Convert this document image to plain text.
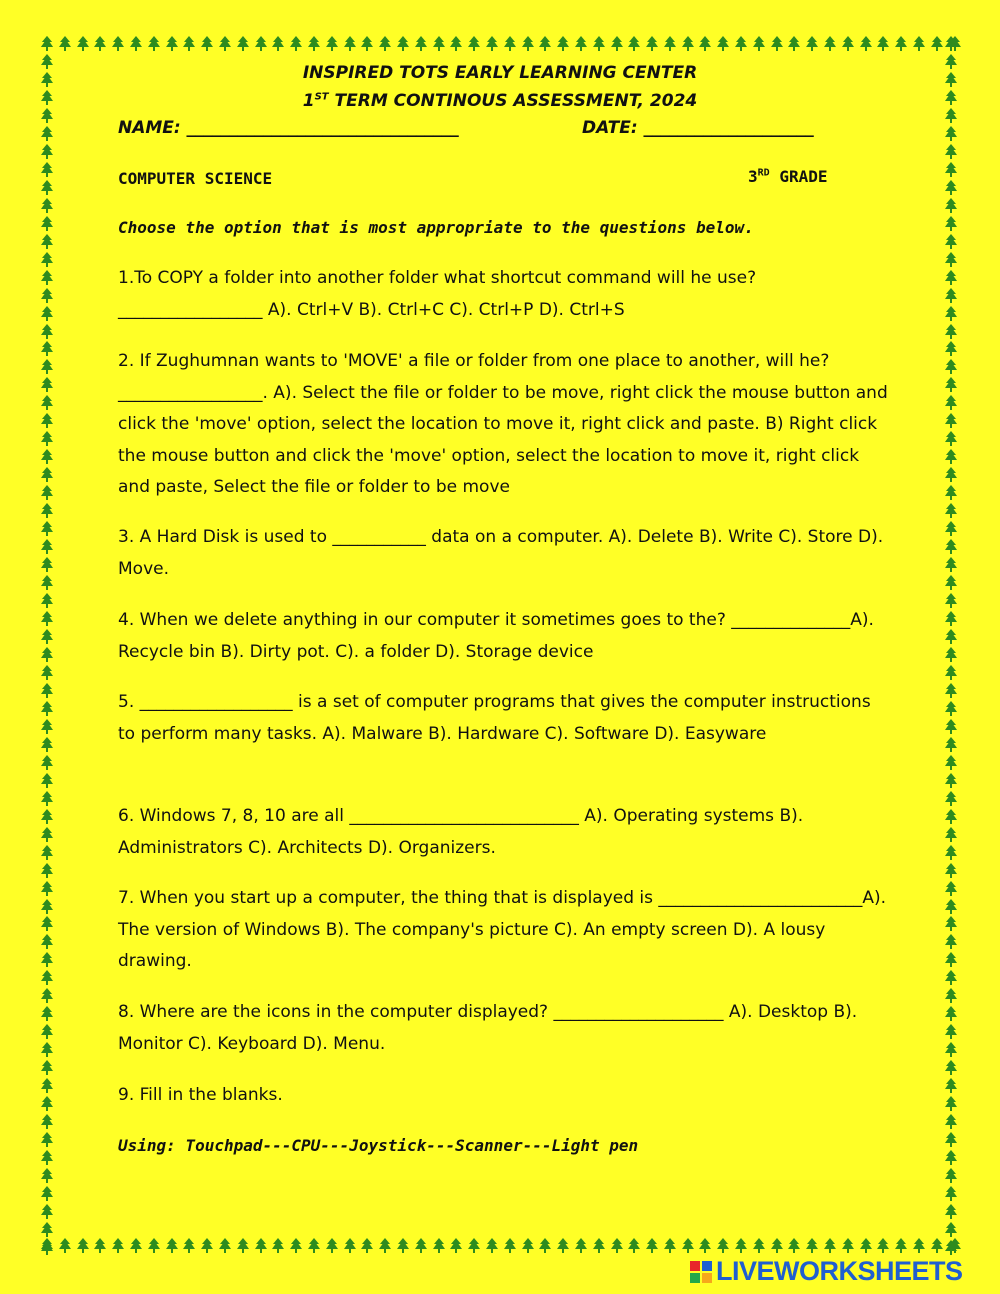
INSPIRED TOTS EARLY LEARNING CENTER
1ST TERM CONTINOUS ASSESSMENT, 2024
NAME: ________________________________	DATE: ____________________
COMPUTER SCIENCE	3RD GRADE
Choose the option that is most appropriate to the questions below.
1.To COPY a folder into another folder what shortcut command will he use? _________________ A). Ctrl+V B). Ctrl+C C). Ctrl+P D). Ctrl+S
2. If Zughumnan wants to 'MOVE' a file or folder from one place to another, will he? _________________. A). Select the file or folder to be move, right click the mouse button and click the 'move' option, select the location to move it, right click and paste. B) Right click the mouse button and click the 'move' option, select the location to move it, right click and paste, Select the file or folder to be move
3. A Hard Disk is used to ___________ data on a computer. A). Delete B). Write C). Store D). Move.
4. When we delete anything in our computer it sometimes goes to the? ______________A). Recycle bin B). Dirty pot. C). a folder D). Storage device
5. __________________ is a set of computer programs that gives the computer instructions to perform many tasks. A). Malware B). Hardware C). Software D). Easyware
6. Windows 7, 8, 10 are all ___________________________ A). Operating systems B). Administrators C). Architects D). Organizers.
7. When you start up a computer, the thing that is displayed is ________________________A). The version of Windows B). The company's picture C). An empty screen D). A lousy drawing.
8. Where are the icons in the computer displayed? ____________________ A). Desktop B). Monitor C). Keyboard D). Menu.
9. Fill in the blanks.
Using: Touchpad---CPU---Joystick---Scanner---Light pen
LIVEWORKSHEETS
